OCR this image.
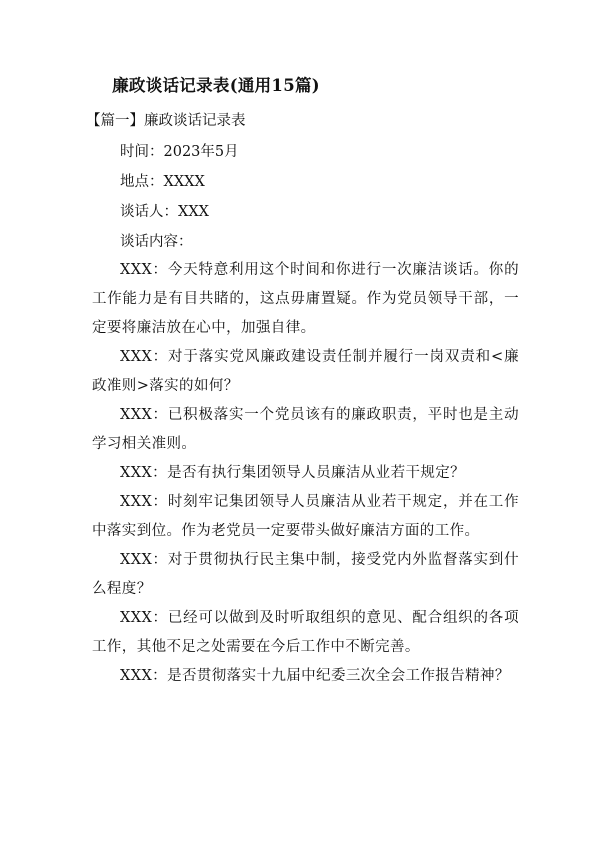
廉政谈话记录表(通用15篇)
【篇一】廉政谈话记录表
时间：2023年5月
地点：XXXX
谈话人：XXX
谈话内容：

XXX：今天特意利用这个时间和你进行一次廉洁谈话。你的工作能力是有目共睹的，这点毋庸置疑。作为党员领导干部，一定要将廉洁放在心中，加强自律。

XXX：对于落实党风廉政建设责任制并履行一岗双责和<廉政准则>落实的如何？

XXX：已积极落实一个党员该有的廉政职责，平时也是主动学习相关准则。

XXX：是否有执行集团领导人员廉洁从业若干规定？

XXX：时刻牢记集团领导人员廉洁从业若干规定，并在工作中落实到位。作为老党员一定要带头做好廉洁方面的工作。

XXX：对于贯彻执行民主集中制，接受党内外监督落实到什么程度？

XXX：已经可以做到及时听取组织的意见、配合组织的各项工作，其他不足之处需要在今后工作中不断完善。

XXX：是否贯彻落实十九届中纪委三次全会工作报告精神？
